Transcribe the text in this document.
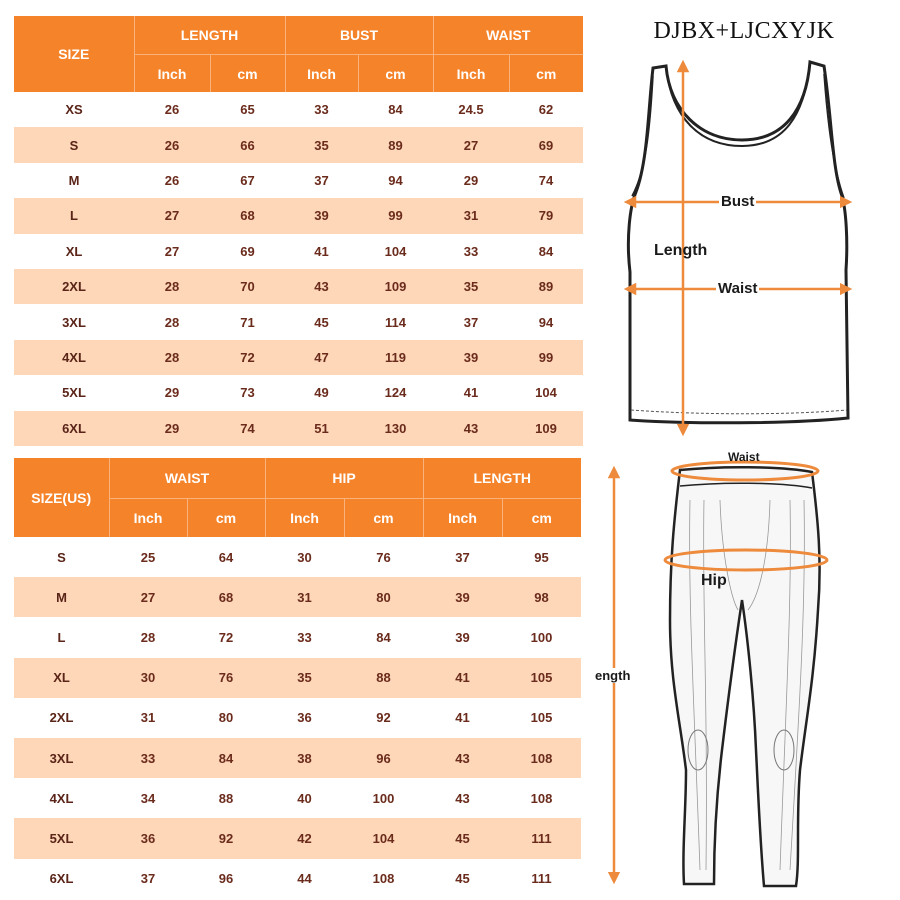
SIZE	LENGTH		BUST		WAIST	
	Inch	cm	Inch	cm	Inch	cm
XS	26	65	33	84	24.5	62
S	26	66	35	89	27	69
M	26	67	37	94	29	74
L	27	68	39	99	31	79
XL	27	69	41	104	33	84
2XL	28	70	43	109	35	89
3XL	28	71	45	114	37	94
4XL	28	72	47	119	39	99
5XL	29	73	49	124	41	104
6XL	29	74	51	130	43	109
SIZE(US)	WAIST		HIP		LENGTH	
	Inch	cm	Inch	cm	Inch	cm
S	25	64	30	76	37	95
M	27	68	31	80	39	98
L	28	72	33	84	39	100
XL	30	76	35	88	41	105
2XL	31	80	36	92	41	105
3XL	33	84	38	96	43	108
4XL	34	88	40	100	43	108
5XL	36	92	42	104	45	111
6XL	37	96	44	108	45	111
DJBX+LJCXYJK
Bust
Length
Waist
Waist
Hip
ength
